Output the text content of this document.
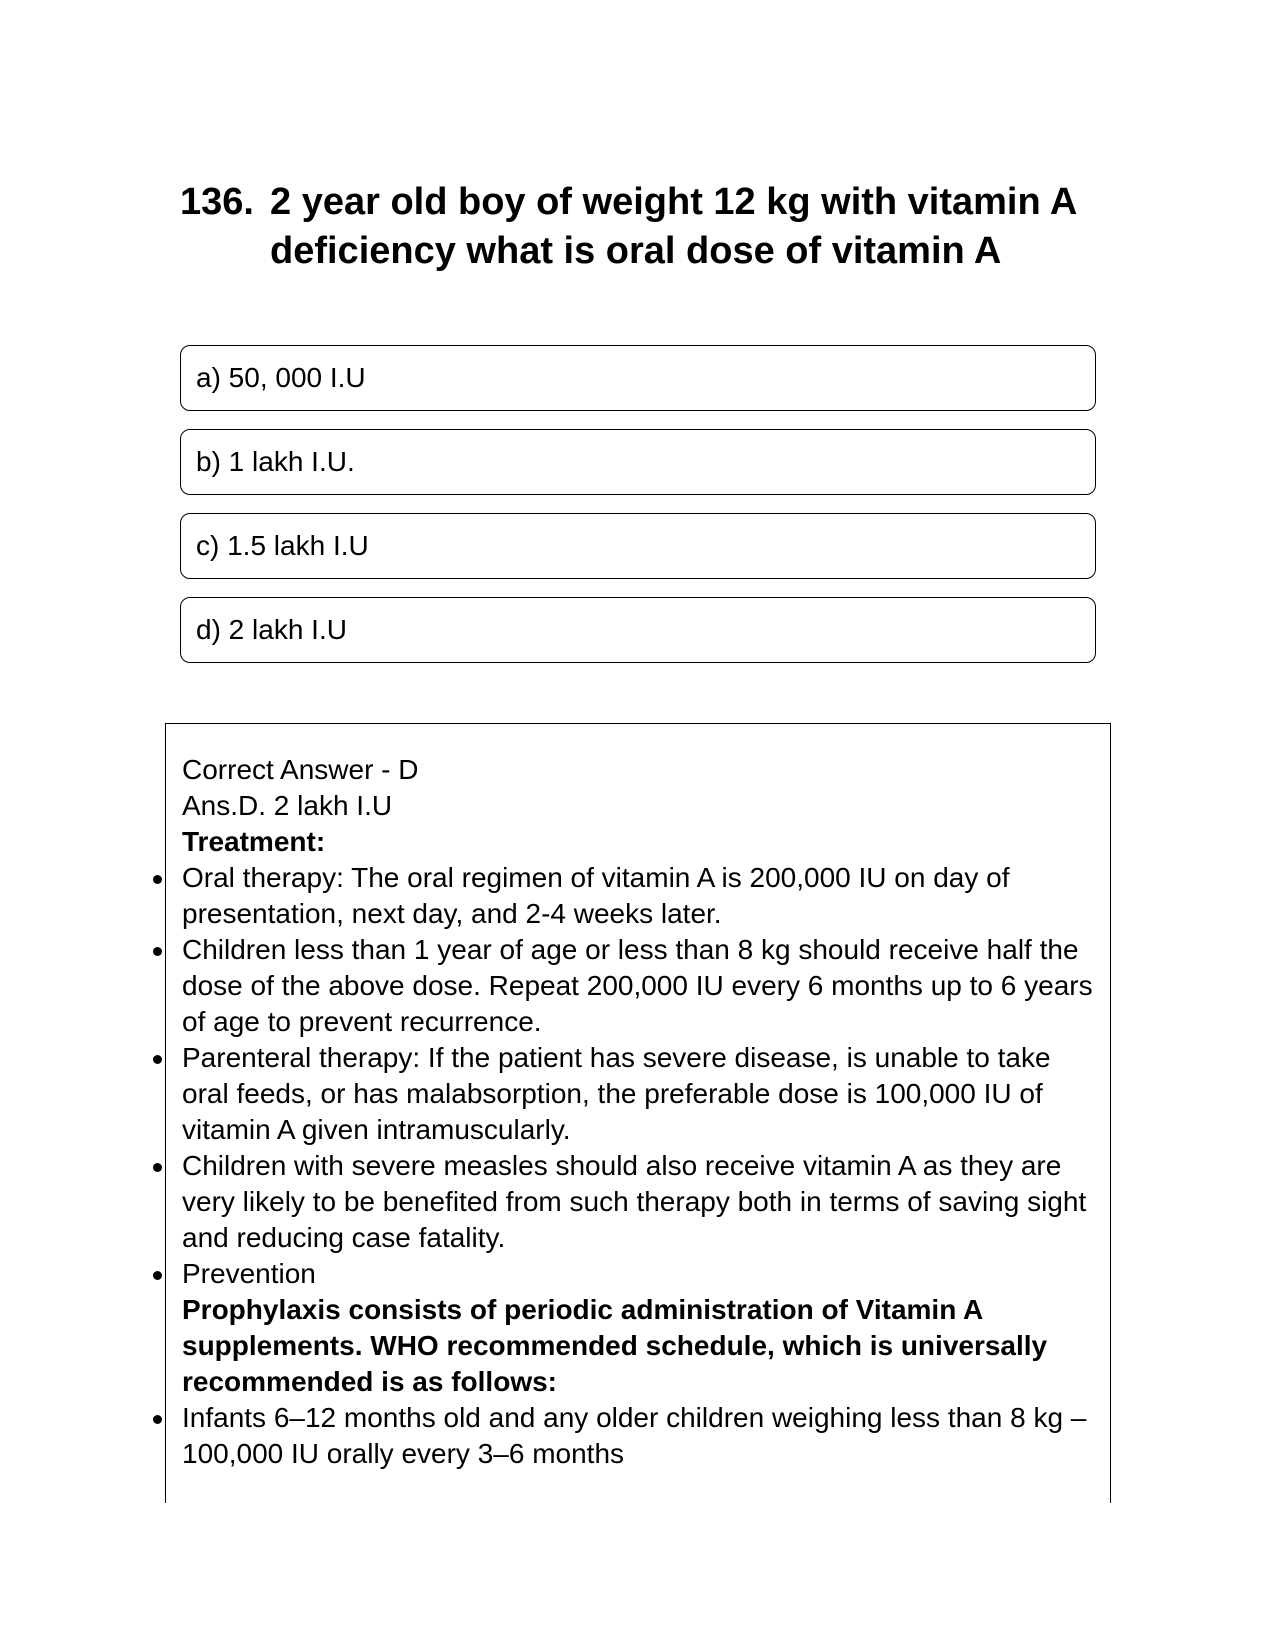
136. 2 year old boy of weight 12 kg with vitamin A deficiency what is oral dose of vitamin A
a) 50, 000 I.U
b) 1 lakh I.U.
c) 1.5 lakh I.U
d) 2 lakh I.U
Correct Answer - D
Ans.D. 2 lakh I.U
Treatment:
Oral therapy: The oral regimen of vitamin A is 200,000 IU on day of presentation, next day, and 2-4 weeks later.
Children less than 1 year of age or less than 8 kg should receive half the dose of the above dose. Repeat 200,000 IU every 6 months up to 6 years of age to prevent recurrence.
Parenteral therapy: If the patient has severe disease, is unable to take oral feeds, or has malabsorption, the preferable dose is 100,000 IU of vitamin A given intramuscularly.
Children with severe measles should also receive vitamin A as they are very likely to be benefited from such therapy both in terms of saving sight and reducing case fatality.
Prevention
Prophylaxis consists of periodic administration of Vitamin A supplements. WHO recommended schedule, which is universally recommended is as follows:
Infants 6–12 months old and any older children weighing less than 8 kg – 100,000 IU orally every 3–6 months
